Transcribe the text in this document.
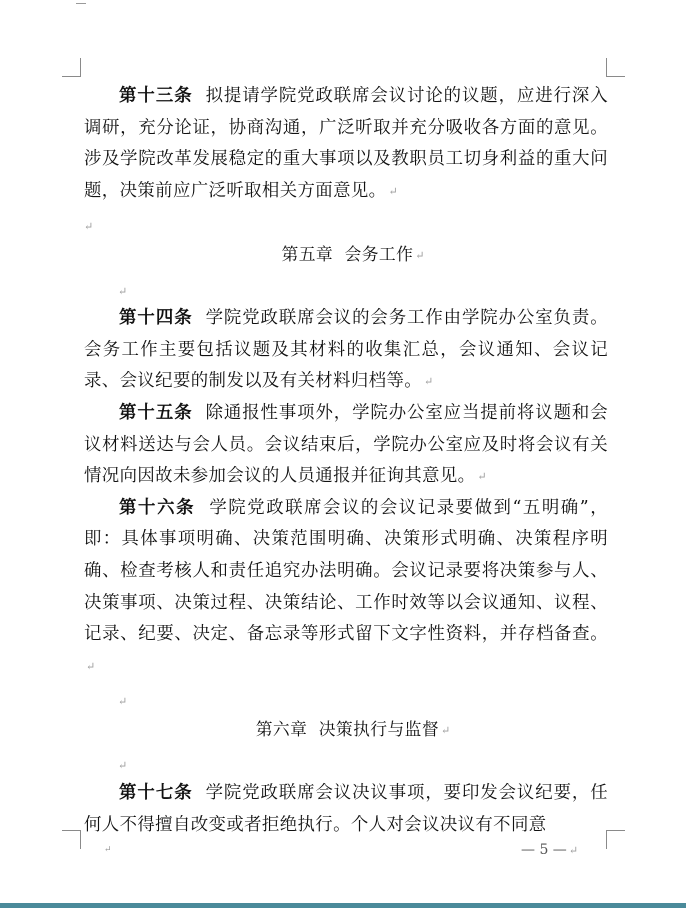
第十三条 拟提请学院党政联席会议讨论的议题，应进行深入调研，充分论证，协商沟通，广泛听取并充分吸收各方面的意见。涉及学院改革发展稳定的重大事项以及教职员工切身利益的重大问题，决策前应广泛听取相关方面意见。 ↵

↵

第五章  会务工作 ↵

↵

第十四条 学院党政联席会议的会务工作由学院办公室负责。会务工作主要包括议题及其材料的收集汇总，会议通知、会议记录、会议纪要的制发以及有关材料归档等。 ↵

第十五条 除通报性事项外，学院办公室应当提前将议题和会议材料送达与会人员。会议结束后，学院办公室应及时将会议有关情况向因故未参加会议的人员通报并征询其意见。 ↵

第十六条 学院党政联席会议的会议记录要做到“五明确”，即：具体事项明确、决策范围明确、决策形式明确、决策程序明确、检查考核人和责任追究办法明确。会议记录要将决策参与人、决策事项、决策过程、决策结论、工作时效等以会议通知、议程、记录、纪要、决定、备忘录等形式留下文字性资料，并存档备查。↵

↵

第六章  决策执行与监督 ↵

↵

第十七条 学院党政联席会议决议事项，要印发会议纪要，任何人不得擅自改变或者拒绝执行。个人对会议决议有不同意

↵	— 5 — ↵
